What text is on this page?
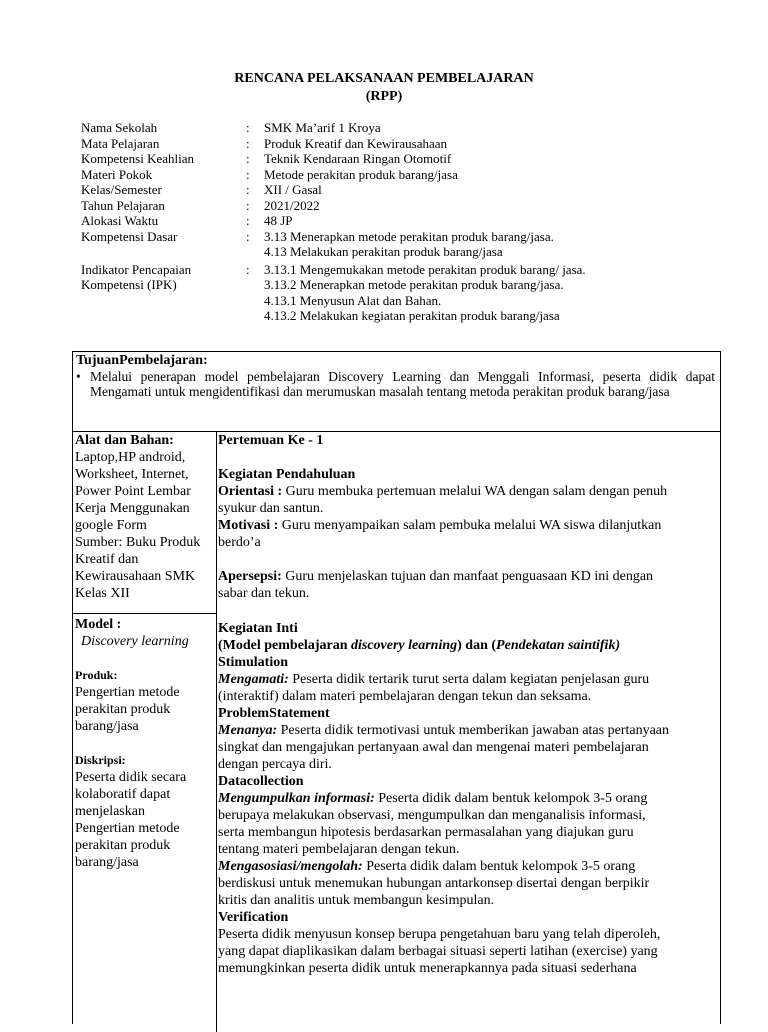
RENCANA PELAKSANAAN PEMBELAJARAN
(RPP)
Nama Sekolah	:	SMK Ma’arif 1 Kroya
Mata Pelajaran	:	Produk Kreatif dan Kewirausahaan
Kompetensi Keahlian	:	Teknik Kendaraan Ringan Otomotif
Materi Pokok	:	Metode perakitan produk barang/jasa
Kelas/Semester	:	XII / Gasal
Tahun Pelajaran	:	2021/2022
Alokasi Waktu	:	48 JP
Kompetensi Dasar	:	3.13 Menerapkan metode perakitan produk barang/jasa.
4.13 Melakukan perakitan produk barang/jasa
Indikator Pencapaian	:	3.13.1 Mengemukakan metode perakitan produk barang/ jasa.
Kompetensi (IPK)	3.13.2 Menerapkan metode perakitan produk barang/jasa.
4.13.1 Menyusun Alat dan Bahan.
4.13.2 Melakukan kegiatan perakitan produk barang/jasa
TujuanPembelajaran:
• Melalui penerapan model pembelajaran Discovery Learning dan Menggali Informasi, peserta didik dapat Mengamati untuk mengidentifikasi dan merumuskan masalah tentang metoda perakitan produk barang/jasa
Alat dan Bahan:
Laptop,HP android,
Worksheet, Internet,
Power Point Lembar
Kerja Menggunakan
google Form
Sumber: Buku Produk
Kreatif dan
Kewirausahaan SMK
Kelas XII
Model :
Discovery learning
Produk:
Pengertian metode
perakitan produk
barang/jasa
Diskripsi:
Peserta didik secara
kolaboratif dapat
menjelaskan
Pengertian metode
perakitan produk
barang/jasa
Pertemuan Ke - 1
Kegiatan Pendahuluan
Orientasi : Guru membuka pertemuan melalui WA dengan salam dengan penuh
syukur dan santun.
Motivasi : Guru menyampaikan salam pembuka melalui WA siswa dilanjutkan
berdo’a
Apersepsi: Guru menjelaskan tujuan dan manfaat penguasaan KD ini dengan
sabar dan tekun.
Kegiatan Inti
(Model pembelajaran discovery learning) dan (Pendekatan saintifik)
Stimulation
Mengamati: Peserta didik tertarik turut serta dalam kegiatan penjelasan guru
(interaktif) dalam materi pembelajaran dengan tekun dan seksama.
ProblemStatement
Menanya: Peserta didik termotivasi untuk memberikan jawaban atas pertanyaan
singkat dan mengajukan pertanyaan awal dan mengenai materi pembelajaran
dengan percaya diri.
Datacollection
Mengumpulkan informasi: Peserta didik dalam bentuk kelompok 3-5 orang
berupaya melakukan observasi, mengumpulkan dan menganalisis informasi,
serta membangun hipotesis berdasarkan permasalahan yang diajukan guru
tentang materi pembelajaran dengan tekun.
Mengasosiasi/mengolah: Peserta didik dalam bentuk kelompok 3-5 orang
berdiskusi untuk menemukan hubungan antarkonsep disertai dengan berpikir
kritis dan analitis untuk membangun kesimpulan.
Verification
Peserta didik menyusun konsep berupa pengetahuan baru yang telah diperoleh,
yang dapat diaplikasikan dalam berbagai situasi seperti latihan (exercise) yang
memungkinkan peserta didik untuk menerapkannya pada situasi sederhana
